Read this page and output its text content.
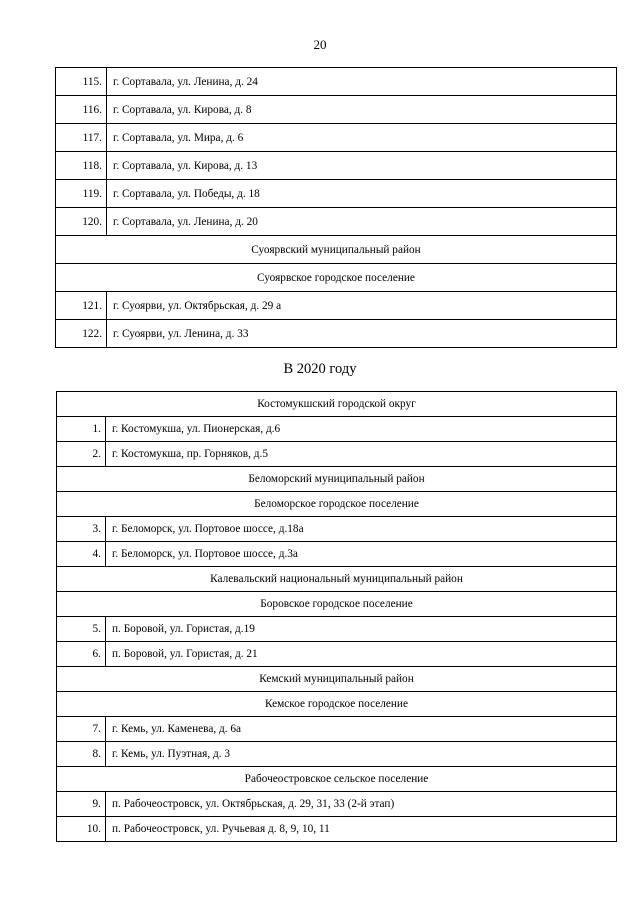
20
115.	г. Сортавала, ул. Ленина, д. 24
116.	г. Сортавала, ул. Кирова, д. 8
117.	г. Сортавала, ул. Мира, д. 6
118.	г. Сортавала, ул. Кирова, д. 13
119.	г. Сортавала, ул. Победы, д. 18
120.	г. Сортавала, ул. Ленина, д. 20
Суоярвский муниципальный район	
Суоярвское городское поселение	
121.	г. Суоярви, ул. Октябрьская, д. 29 а
122.	г. Суоярви, ул. Ленина, д. 33
В 2020 году
Костомукшский городской округ	
1.	г. Костомукша, ул. Пионерская, д.6
2.	г. Костомукша, пр. Горняков, д.5
Беломорский муниципальный район	
Беломорское городское поселение	
3.	г. Беломорск, ул. Портовое шоссе, д.18а
4.	г. Беломорск, ул. Портовое шоссе, д.3а
Калевальский национальный муниципальный район	
Боровское городское поселение	
5.	п. Боровой, ул. Гористая, д.19
6.	п. Боровой, ул. Гористая, д. 21
Кемский муниципальный район	
Кемское городское поселение	
7.	г. Кемь, ул. Каменева, д. 6а
8.	г. Кемь, ул. Пуэтная, д. 3
Рабочеостровское сельское поселение	
9.	п. Рабочеостровск, ул. Октябрьская, д. 29, 31, 33 (2-й этап)
10.	п. Рабочеостровск, ул. Ручьевая д. 8, 9, 10, 11
